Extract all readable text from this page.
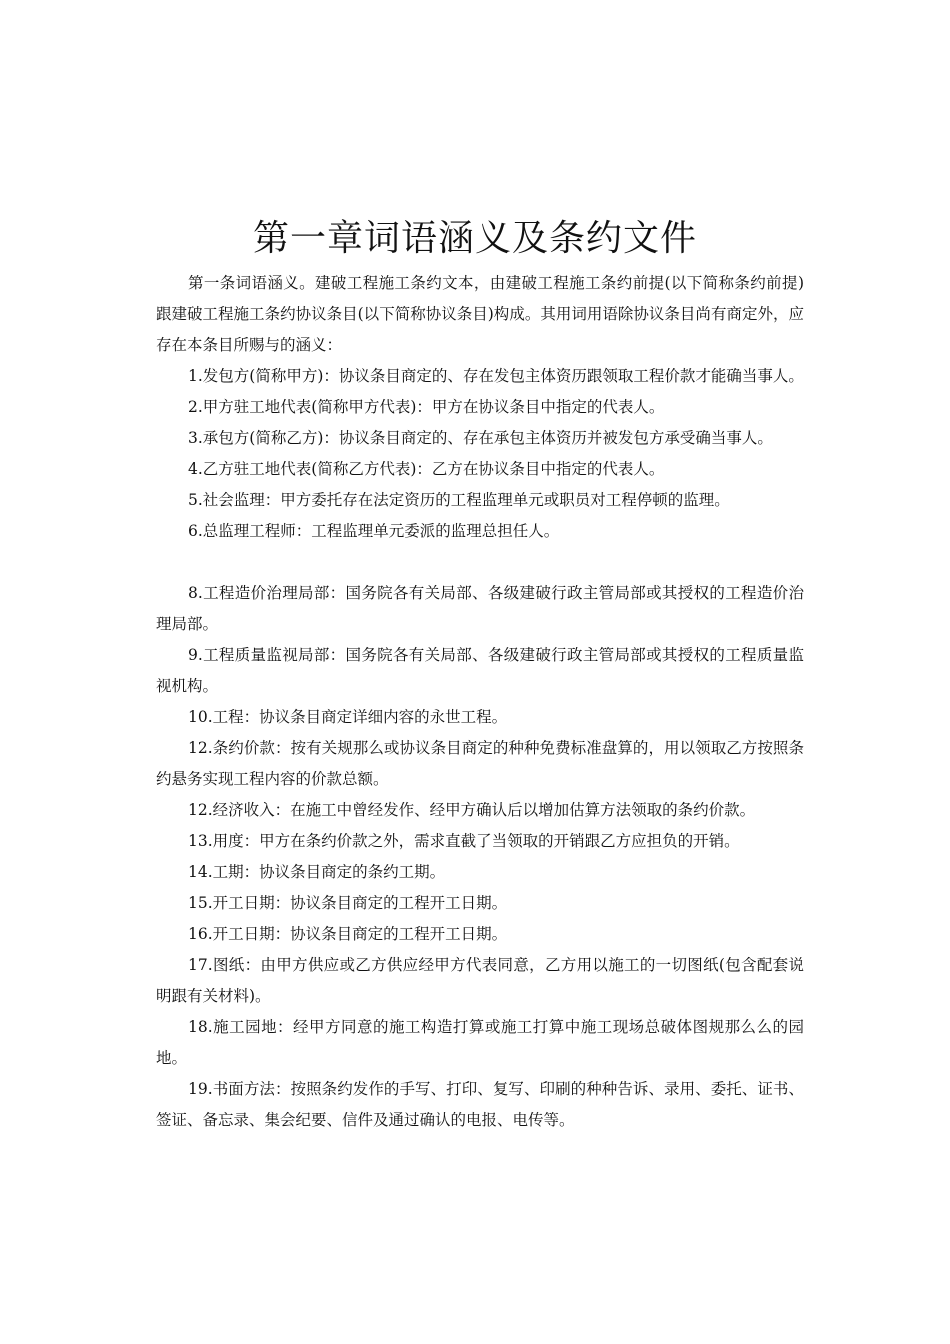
第一章词语涵义及条约文件

第一条词语涵义。建破工程施工条约文本，由建破工程施工条约前提(以下简称条约前提)跟建破工程施工条约协议条目(以下简称协议条目)构成。其用词用语除协议条目尚有商定外，应存在本条目所赐与的涵义：

1.发包方(简称甲方)：协议条目商定的、存在发包主体资历跟领取工程价款才能确当事人。

2.甲方驻工地代表(简称甲方代表)：甲方在协议条目中指定的代表人。

3.承包方(简称乙方)：协议条目商定的、存在承包主体资历并被发包方承受确当事人。

4.乙方驻工地代表(简称乙方代表)：乙方在协议条目中指定的代表人。

5.社会监理：甲方委托存在法定资历的工程监理单元或职员对工程停顿的监理。

6.总监理工程师：工程监理单元委派的监理总担任人。

8.工程造价治理局部：国务院各有关局部、各级建破行政主管局部或其授权的工程造价治理局部。

9.工程质量监视局部：国务院各有关局部、各级建破行政主管局部或其授权的工程质量监视机构。

10.工程：协议条目商定详细内容的永世工程。

12.条约价款：按有关规那么或协议条目商定的种种免费标准盘算的，用以领取乙方按照条约悬务实现工程内容的价款总额。

12.经济收入：在施工中曾经发作、经甲方确认后以增加估算方法领取的条约价款。

13.用度：甲方在条约价款之外，需求直截了当领取的开销跟乙方应担负的开销。

14.工期：协议条目商定的条约工期。

15.开工日期：协议条目商定的工程开工日期。

16.开工日期：协议条目商定的工程开工日期。

17.图纸：由甲方供应或乙方供应经甲方代表同意，乙方用以施工的一切图纸(包含配套说明跟有关材料)。

18.施工园地：经甲方同意的施工构造打算或施工打算中施工现场总破体图规那么么的园地。

19.书面方法：按照条约发作的手写、打印、复写、印刷的种种告诉、录用、委托、证书、签证、备忘录、集会纪要、信件及通过确认的电报、电传等。
